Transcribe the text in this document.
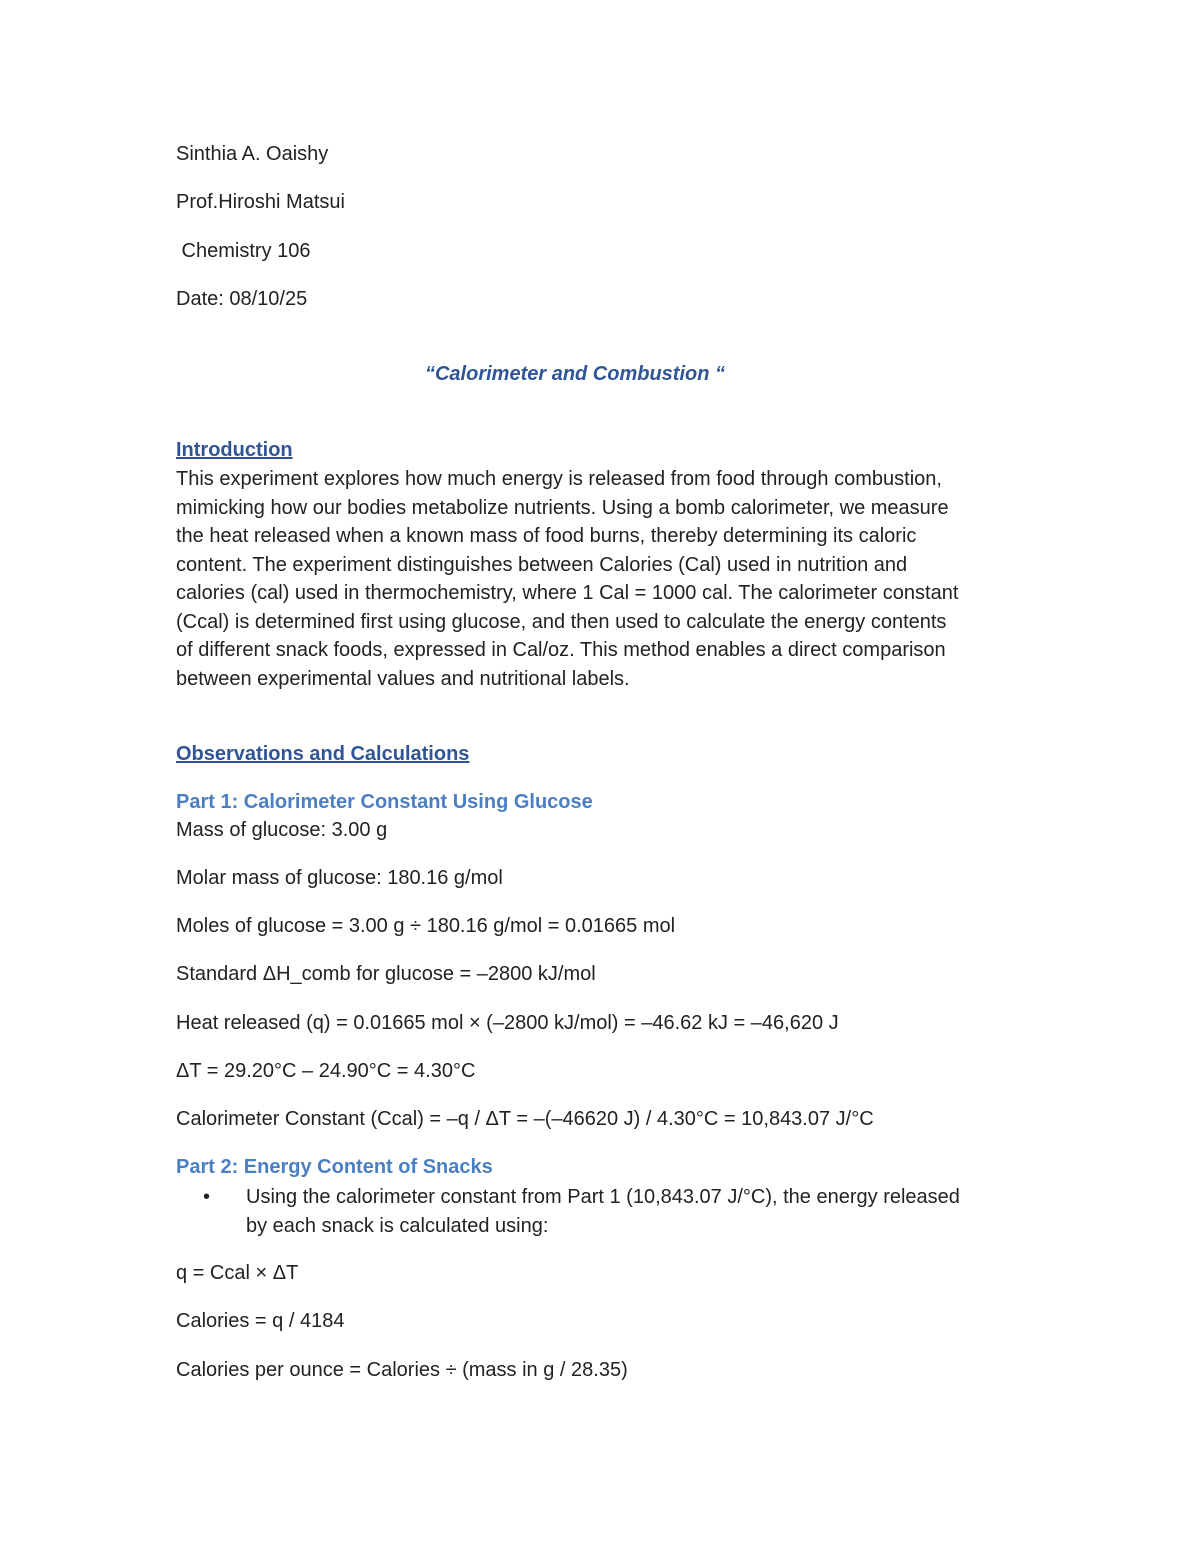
Sinthia A. Oaishy
Prof.Hiroshi Matsui
Chemistry 106
Date: 08/10/25
“Calorimeter and Combustion “
Introduction
This experiment explores how much energy is released from food through combustion,
mimicking how our bodies metabolize nutrients. Using a bomb calorimeter, we measure
the heat released when a known mass of food burns, thereby determining its caloric
content. The experiment distinguishes between Calories (Cal) used in nutrition and
calories (cal) used in thermochemistry, where 1 Cal = 1000 cal. The calorimeter constant
(Ccal) is determined first using glucose, and then used to calculate the energy contents
of different snack foods, expressed in Cal/oz. This method enables a direct comparison
between experimental values and nutritional labels.
Observations and Calculations
Part 1: Calorimeter Constant Using Glucose
Mass of glucose: 3.00 g
Molar mass of glucose: 180.16 g/mol
Moles of glucose = 3.00 g ÷ 180.16 g/mol = 0.01665 mol
Standard ΔH_comb for glucose = –2800 kJ/mol
Heat released (q) = 0.01665 mol × (–2800 kJ/mol) = –46.62 kJ = –46,620 J
ΔT = 29.20°C – 24.90°C = 4.30°C
Calorimeter Constant (Ccal) = –q / ΔT = –(–46620 J) / 4.30°C = 10,843.07 J/°C
Part 2: Energy Content of Snacks
• Using the calorimeter constant from Part 1 (10,843.07 J/°C), the energy released
by each snack is calculated using:
q = Ccal × ΔT
Calories = q / 4184
Calories per ounce = Calories ÷ (mass in g / 28.35)
